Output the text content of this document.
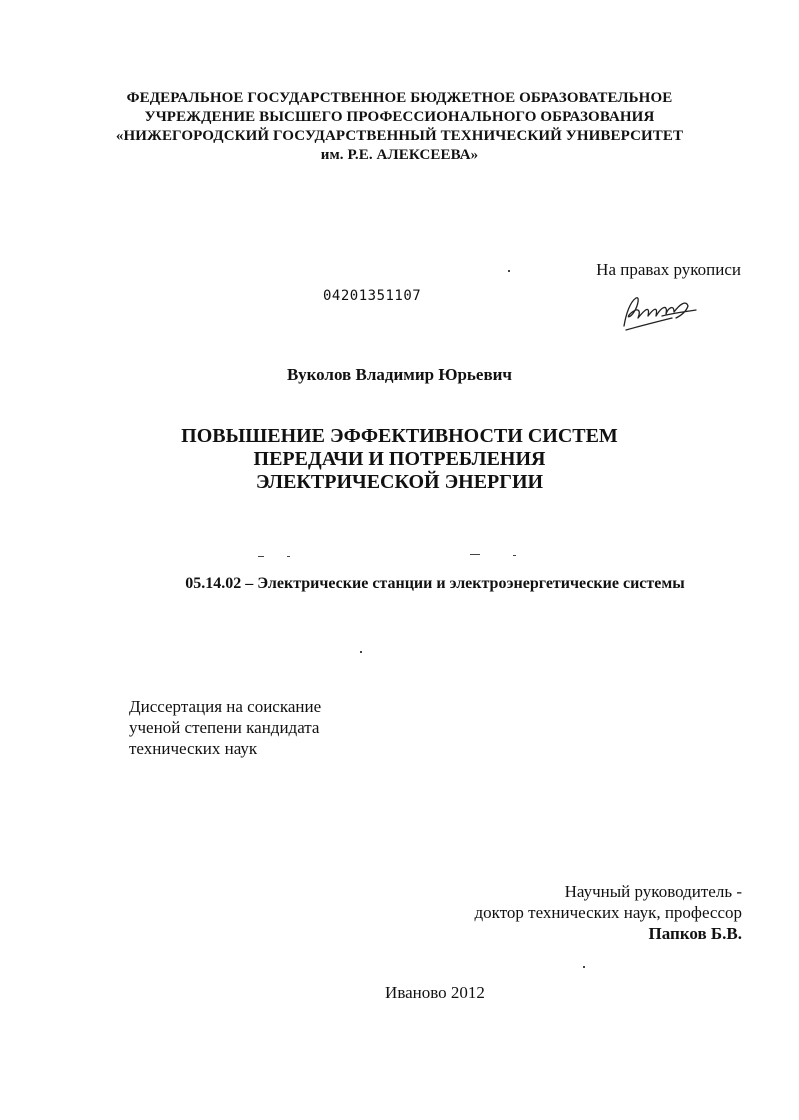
ФЕДЕРАЛЬНОЕ ГОСУДАРСТВЕННОЕ БЮДЖЕТНОЕ ОБРАЗОВАТЕЛЬНОЕ
УЧРЕЖДЕНИЕ ВЫСШЕГО ПРОФЕССИОНАЛЬНОГО ОБРАЗОВАНИЯ
«НИЖЕГОРОДСКИЙ ГОСУДАРСТВЕННЫЙ ТЕХНИЧЕСКИЙ УНИВЕРСИТЕТ
им. Р.Е. АЛЕКСЕЕВА»
На правах рукописи
04201351107
Вуколов Владимир Юрьевич
ПОВЫШЕНИЕ ЭФФЕКТИВНОСТИ СИСТЕМ
ПЕРЕДАЧИ И ПОТРЕБЛЕНИЯ
ЭЛЕКТРИЧЕСКОЙ ЭНЕРГИИ
05.14.02 – Электрические станции и электроэнергетические системы
Диссертация на соискание
ученой степени кандидата
технических наук
Научный руководитель -
доктор технических наук, профессор
Папков Б.В.
Иваново 2012
